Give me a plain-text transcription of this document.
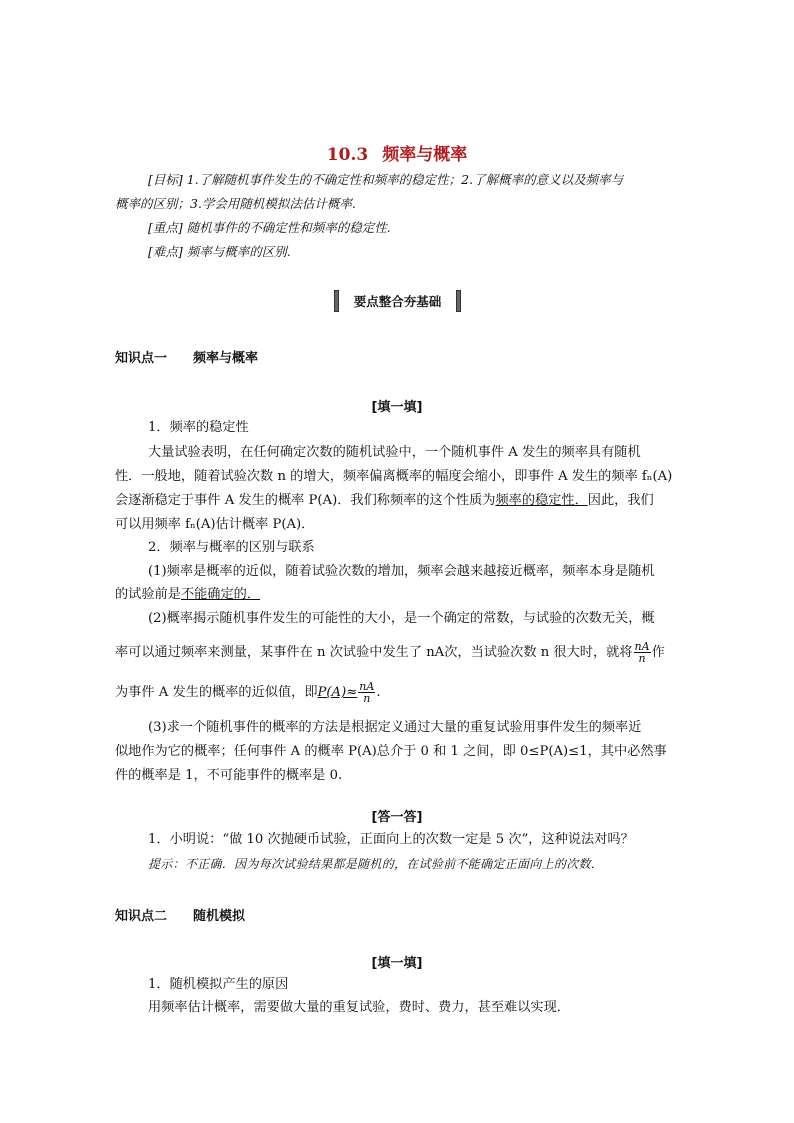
10.3 频率与概率
[目标] 1.了解随机事件发生的不确定性和频率的稳定性；2.了解概率的意义以及频率与
概率的区别；3.学会用随机模拟法估计概率.
[重点] 随机事件的不确定性和频率的稳定性.
[难点] 频率与概率的区别.
要点整合夯基础
知识点一 频率与概率
[填一填]
1．频率的稳定性
大量试验表明，在任何确定次数的随机试验中，一个随机事件 A 发生的频率具有随机
性．一般地，随着试验次数 n 的增大，频率偏离概率的幅度会缩小，即事件 A 发生的频率 fₙ(A)
会逐渐稳定于事件 A 发生的概率 P(A)．我们称频率的这个性质为频率的稳定性．因此，我们
可以用频率 fₙ(A)估计概率 P(A)．
2．频率与概率的区别与联系
(1)频率是概率的近似，随着试验次数的增加，频率会越来越接近概率，频率本身是随机
的试验前是不能确定的．
(2)概率揭示随机事件发生的可能性的大小，是一个确定的常数，与试验的次数无关，概
率可以通过频率来测量，某事件在 n 次试验中发生了 nA次，当试验次数 n 很大时，就将 $\frac{nA}{n}$ 作
为事件 A 发生的概率的近似值，即$P(A)\approx \frac{nA}{n}$ .
(3)求一个随机事件的概率的方法是根据定义通过大量的重复试验用事件发生的频率近
似地作为它的概率；任何事件 A 的概率 P(A)总介于 0 和 1 之间，即 0≤P(A)≤1，其中必然事
件的概率是 1，不可能事件的概率是 0.
[答一答]
1．小明说：“做 10 次抛硬币试验，正面向上的次数一定是 5 次”，这种说法对吗？
提示：不正确．因为每次试验结果都是随机的，在试验前不能确定正面向上的次数．
知识点二 随机模拟
[填一填]
1．随机模拟产生的原因
用频率估计概率，需要做大量的重复试验，费时、费力，甚至难以实现．
